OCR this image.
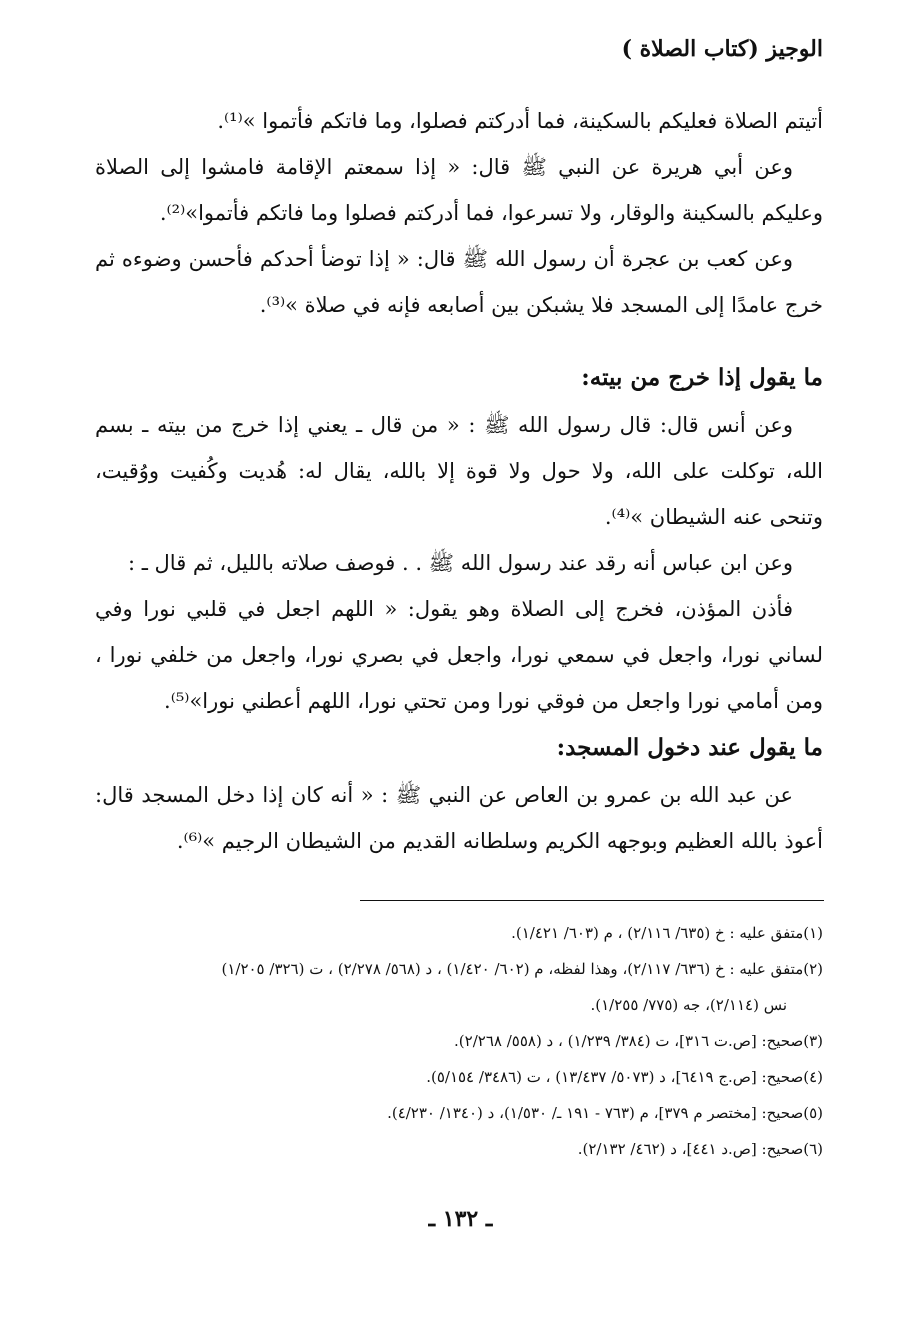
الوجيز (كتاب الصلاة )

أتيتم الصلاة فعليكم بالسكينة، فما أدركتم فصلوا، وما فاتكم فأتموا »⁽¹⁾.

وعن أبي هريرة عن النبي ﷺ قال: « إذا سمعتم الإقامة فامشوا إلى الصلاة وعليكم بالسكينة والوقار، ولا تسرعوا، فما أدركتم فصلوا وما فاتكم فأتموا»⁽²⁾.

وعن كعب بن عجرة أن رسول الله ﷺ قال: « إذا توضأ أحدكم فأحسن وضوءه ثم خرج عامدًا إلى المسجد فلا يشبكن بين أصابعه فإنه في صلاة »⁽³⁾.

ما يقول إذا خرج من بيته:

وعن أنس قال: قال رسول الله ﷺ : « من قال ـ يعني إذا خرج من بيته ـ بسم الله، توكلت على الله، ولا حول ولا قوة إلا بالله، يقال له: هُديت وكُفيت ووُقيت، وتنحى عنه الشيطان »⁽⁴⁾.

وعن ابن عباس أنه رقد عند رسول الله ﷺ . . فوصف صلاته بالليل، ثم قال ـ :

فأذن المؤذن، فخرج إلى الصلاة وهو يقول: « اللهم اجعل في قلبي نورا وفي لساني نورا، واجعل في سمعي نورا، واجعل في بصري نورا، واجعل من خلفي نورا ، ومن أمامي نورا واجعل من فوقي نورا ومن تحتي نورا، اللهم أعطني نورا»⁽⁵⁾.

ما يقول عند دخول المسجد:

عن عبد الله بن عمرو بن العاص عن النبي ﷺ : « أنه كان إذا دخل المسجد قال: أعوذ بالله العظيم وبوجهه الكريم وسلطانه القديم من الشيطان الرجيم »⁽⁶⁾.

(١)متفق عليه : خ (٦٣٥/ ٢/١١٦) ، م (٦٠٣/ ١/٤٢١).

(٢)متفق عليه : خ (٦٣٦/ ٢/١١٧)، وهذا لفظه، م (٦٠٢/ ١/٤٢٠) ، د (٥٦٨/ ٢/٢٧٨) ، ت (٣٢٦/ ١/٢٠٥)

نس (٢/١١٤)، جه (٧٧٥/ ١/٢٥٥).

(٣)صحيح: [ص.ت ٣١٦]، ت (٣٨٤/ ١/٢٣٩) ، د (٥٥٨/ ٢/٢٦٨).

(٤)صحيح: [ص.ج ٦٤١٩]، د (٥٠٧٣/ ١٣/٤٣٧) ، ت (٣٤٨٦/ ٥/١٥٤).

(٥)صحيح: [مختصر م ٣٧٩]، م (٧٦٣ - ١٩١ ـ/ ١/٥٣٠)، د (١٣٤٠/ ٤/٢٣٠).

(٦)صحيح: [ص.د ٤٤١]، د (٤٦٢/ ٢/١٣٢).

ـ ١٣٢ ـ
